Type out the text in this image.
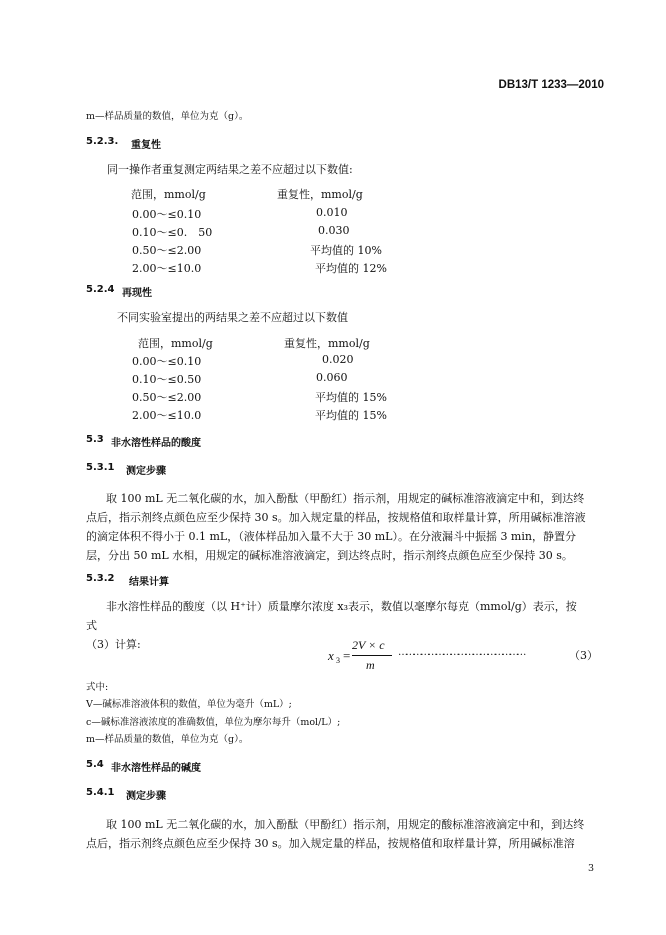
DB13/T 1233—2010
m—样品质量的数值，单位为克（g）。
5.2.3. 重复性
同一操作者重复测定两结果之差不应超过以下数值:
范围，mmol/g	重复性，mmol/g
0.00～≤0.10	0.010
0.10～≤0.　50	0.030
0.50～≤2.00	平均值的 10%
2.00～≤10.0	平均值的 12%
5.2.4 再现性
不同实验室提出的两结果之差不应超过以下数值
范围，mmol/g	重复性，mmol/g
0.00～≤0.10	0.020
0.10～≤0.50	0.060
0.50～≤2.00	平均值的 15%
2.00～≤10.0	平均值的 15%
5.3 非水溶性样品的酸度
5.3.1 测定步骤

取 100 mL 无二氧化碳的水，加入酚酞（甲酚红）指示剂，用规定的碱标准溶液滴定中和，到达终

点后，指示剂终点颜色应至少保持 30 s。加入规定量的样品，按规格值和取样量计算，所用碱标准溶液

的滴定体积不得小于 0.1 mL，（液体样品加入量不大于 30 mL）。在分液漏斗中振摇 3 min，静置分

层，分出 50 mL 水相，用规定的碱标准溶液滴定，到达终点时，指示剂终点颜色应至少保持 30 s。

5.3.2 结果计算

非水溶性样品的酸度（以 H⁺计）质量摩尔浓度 x₃表示，数值以毫摩尔每克（mmol/g）表示，按式

（3）计算:

x 3 =
2V × c
m
……………………………………………	（3）
式中:
V—碱标准溶液体积的数值，单位为毫升（mL）;
c—碱标准溶液浓度的准确数值，单位为摩尔每升（mol/L）;
m—样品质量的数值，单位为克（g）。
5.4 非水溶性样品的碱度
5.4.1 测定步骤

取 100 mL 无二氧化碳的水，加入酚酞（甲酚红）指示剂，用规定的酸标准溶液滴定中和，到达终

点后，指示剂终点颜色应至少保持 30 s。加入规定量的样品，按规格值和取样量计算，所用碱标准溶

3
